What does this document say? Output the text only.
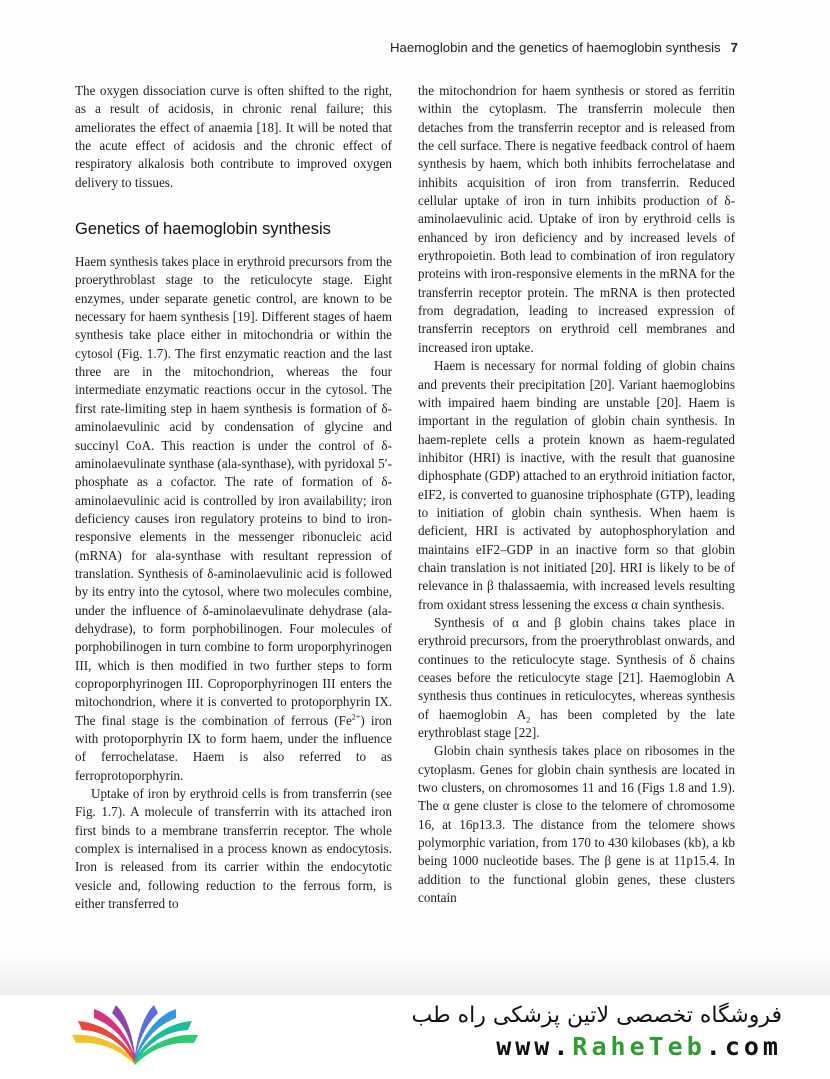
Haemoglobin and the genetics of haemoglobin synthesis 7

The oxygen dissociation curve is often shifted to the right, as a result of acidosis, in chronic renal failure; this ameliorates the effect of anaemia [18]. It will be noted that the acute effect of acidosis and the chronic effect of respiratory alkalosis both contribute to improved oxygen delivery to tissues.

Genetics of haemoglobin synthesis

Haem synthesis takes place in erythroid precursors from the proerythroblast stage to the reticulocyte stage. Eight enzymes, under separate genetic control, are known to be necessary for haem synthesis [19]. Different stages of haem synthesis take place either in mitochondria or within the cytosol (Fig. 1.7). The first enzymatic reaction and the last three are in the mitochondrion, whereas the four intermediate enzymatic reactions occur in the cytosol. The first rate-limiting step in haem synthesis is formation of δ-aminolaevulinic acid by condensation of glycine and succinyl CoA. This reaction is under the control of δ-aminolaevulinate synthase (ala-synthase), with pyridoxal 5′-phosphate as a cofactor. The rate of formation of δ-aminolaevulinic acid is controlled by iron availability; iron deficiency causes iron regulatory proteins to bind to iron-responsive elements in the messenger ribonucleic acid (mRNA) for ala-synthase with resultant repression of translation. Synthesis of δ-aminolaevulinic acid is followed by its entry into the cytosol, where two molecules combine, under the influence of δ-aminolaevulinate dehydrase (ala-dehydrase), to form porphobilinogen. Four molecules of porphobilinogen in turn combine to form uroporphyrinogen III, which is then modified in two further steps to form coproporphyrinogen III. Coproporphyrinogen III enters the mitochondrion, where it is converted to protoporphyrin IX. The final stage is the combination of ferrous $(Fe^{2+})$ iron with protoporphyrin IX to form haem, under the influence of ferrochelatase. Haem is also referred to as ferroprotoporphyrin.

Uptake of iron by erythroid cells is from transferrin (see Fig. 1.7). A molecule of transferrin with its attached iron first binds to a membrane transferrin receptor. The whole complex is internalised in a process known as endocytosis. Iron is released from its carrier within the endocytotic vesicle and, following reduction to the ferrous form, is either transferred to

the mitochondrion for haem synthesis or stored as ferritin within the cytoplasm. The transferrin molecule then detaches from the transferrin receptor and is released from the cell surface. There is negative feedback control of haem synthesis by haem, which both inhibits ferrochelatase and inhibits acquisition of iron from transferrin. Reduced cellular uptake of iron in turn inhibits production of δ-aminolaevulinic acid. Uptake of iron by erythroid cells is enhanced by iron deficiency and by increased levels of erythropoietin. Both lead to combination of iron regulatory proteins with iron-responsive elements in the mRNA for the transferrin receptor protein. The mRNA is then protected from degradation, leading to increased expression of transferrin receptors on erythroid cell membranes and increased iron uptake.

Haem is necessary for normal folding of globin chains and prevents their precipitation [20]. Variant haemoglobins with impaired haem binding are unstable [20]. Haem is important in the regulation of globin chain synthesis. In haem-replete cells a protein known as haem-regulated inhibitor (HRI) is inactive, with the result that guanosine diphosphate (GDP) attached to an erythroid initiation factor, eIF2, is converted to guanosine triphosphate (GTP), leading to initiation of globin chain synthesis. When haem is deficient, HRI is activated by autophosphorylation and maintains eIF2–GDP in an inactive form so that globin chain translation is not initiated [20]. HRI is likely to be of relevance in β thalassaemia, with increased levels resulting from oxidant stress lessening the excess α chain synthesis.

Synthesis of α and β globin chains takes place in erythroid precursors, from the proerythroblast onwards, and continues to the reticulocyte stage. Synthesis of δ chains ceases before the reticulocyte stage [21]. Haemoglobin A synthesis thus continues in reticulocytes, whereas synthesis of haemoglobin $A_2$ has been completed by the late erythroblast stage [22].

Globin chain synthesis takes place on ribosomes in the cytoplasm. Genes for globin chain synthesis are located in two clusters, on chromosomes 11 and 16 (Figs 1.8 and 1.9). The α gene cluster is close to the telomere of chromosome 16, at 16p13.3. The distance from the telomere shows polymorphic variation, from 170 to 430 kilobases (kb), a kb being 1000 nucleotide bases. The β gene is at 11p15.4. In addition to the functional globin genes, these clusters contain

فروشگاه تخصصی لاتین پزشکی راه طب
www.RaheTeb.com
